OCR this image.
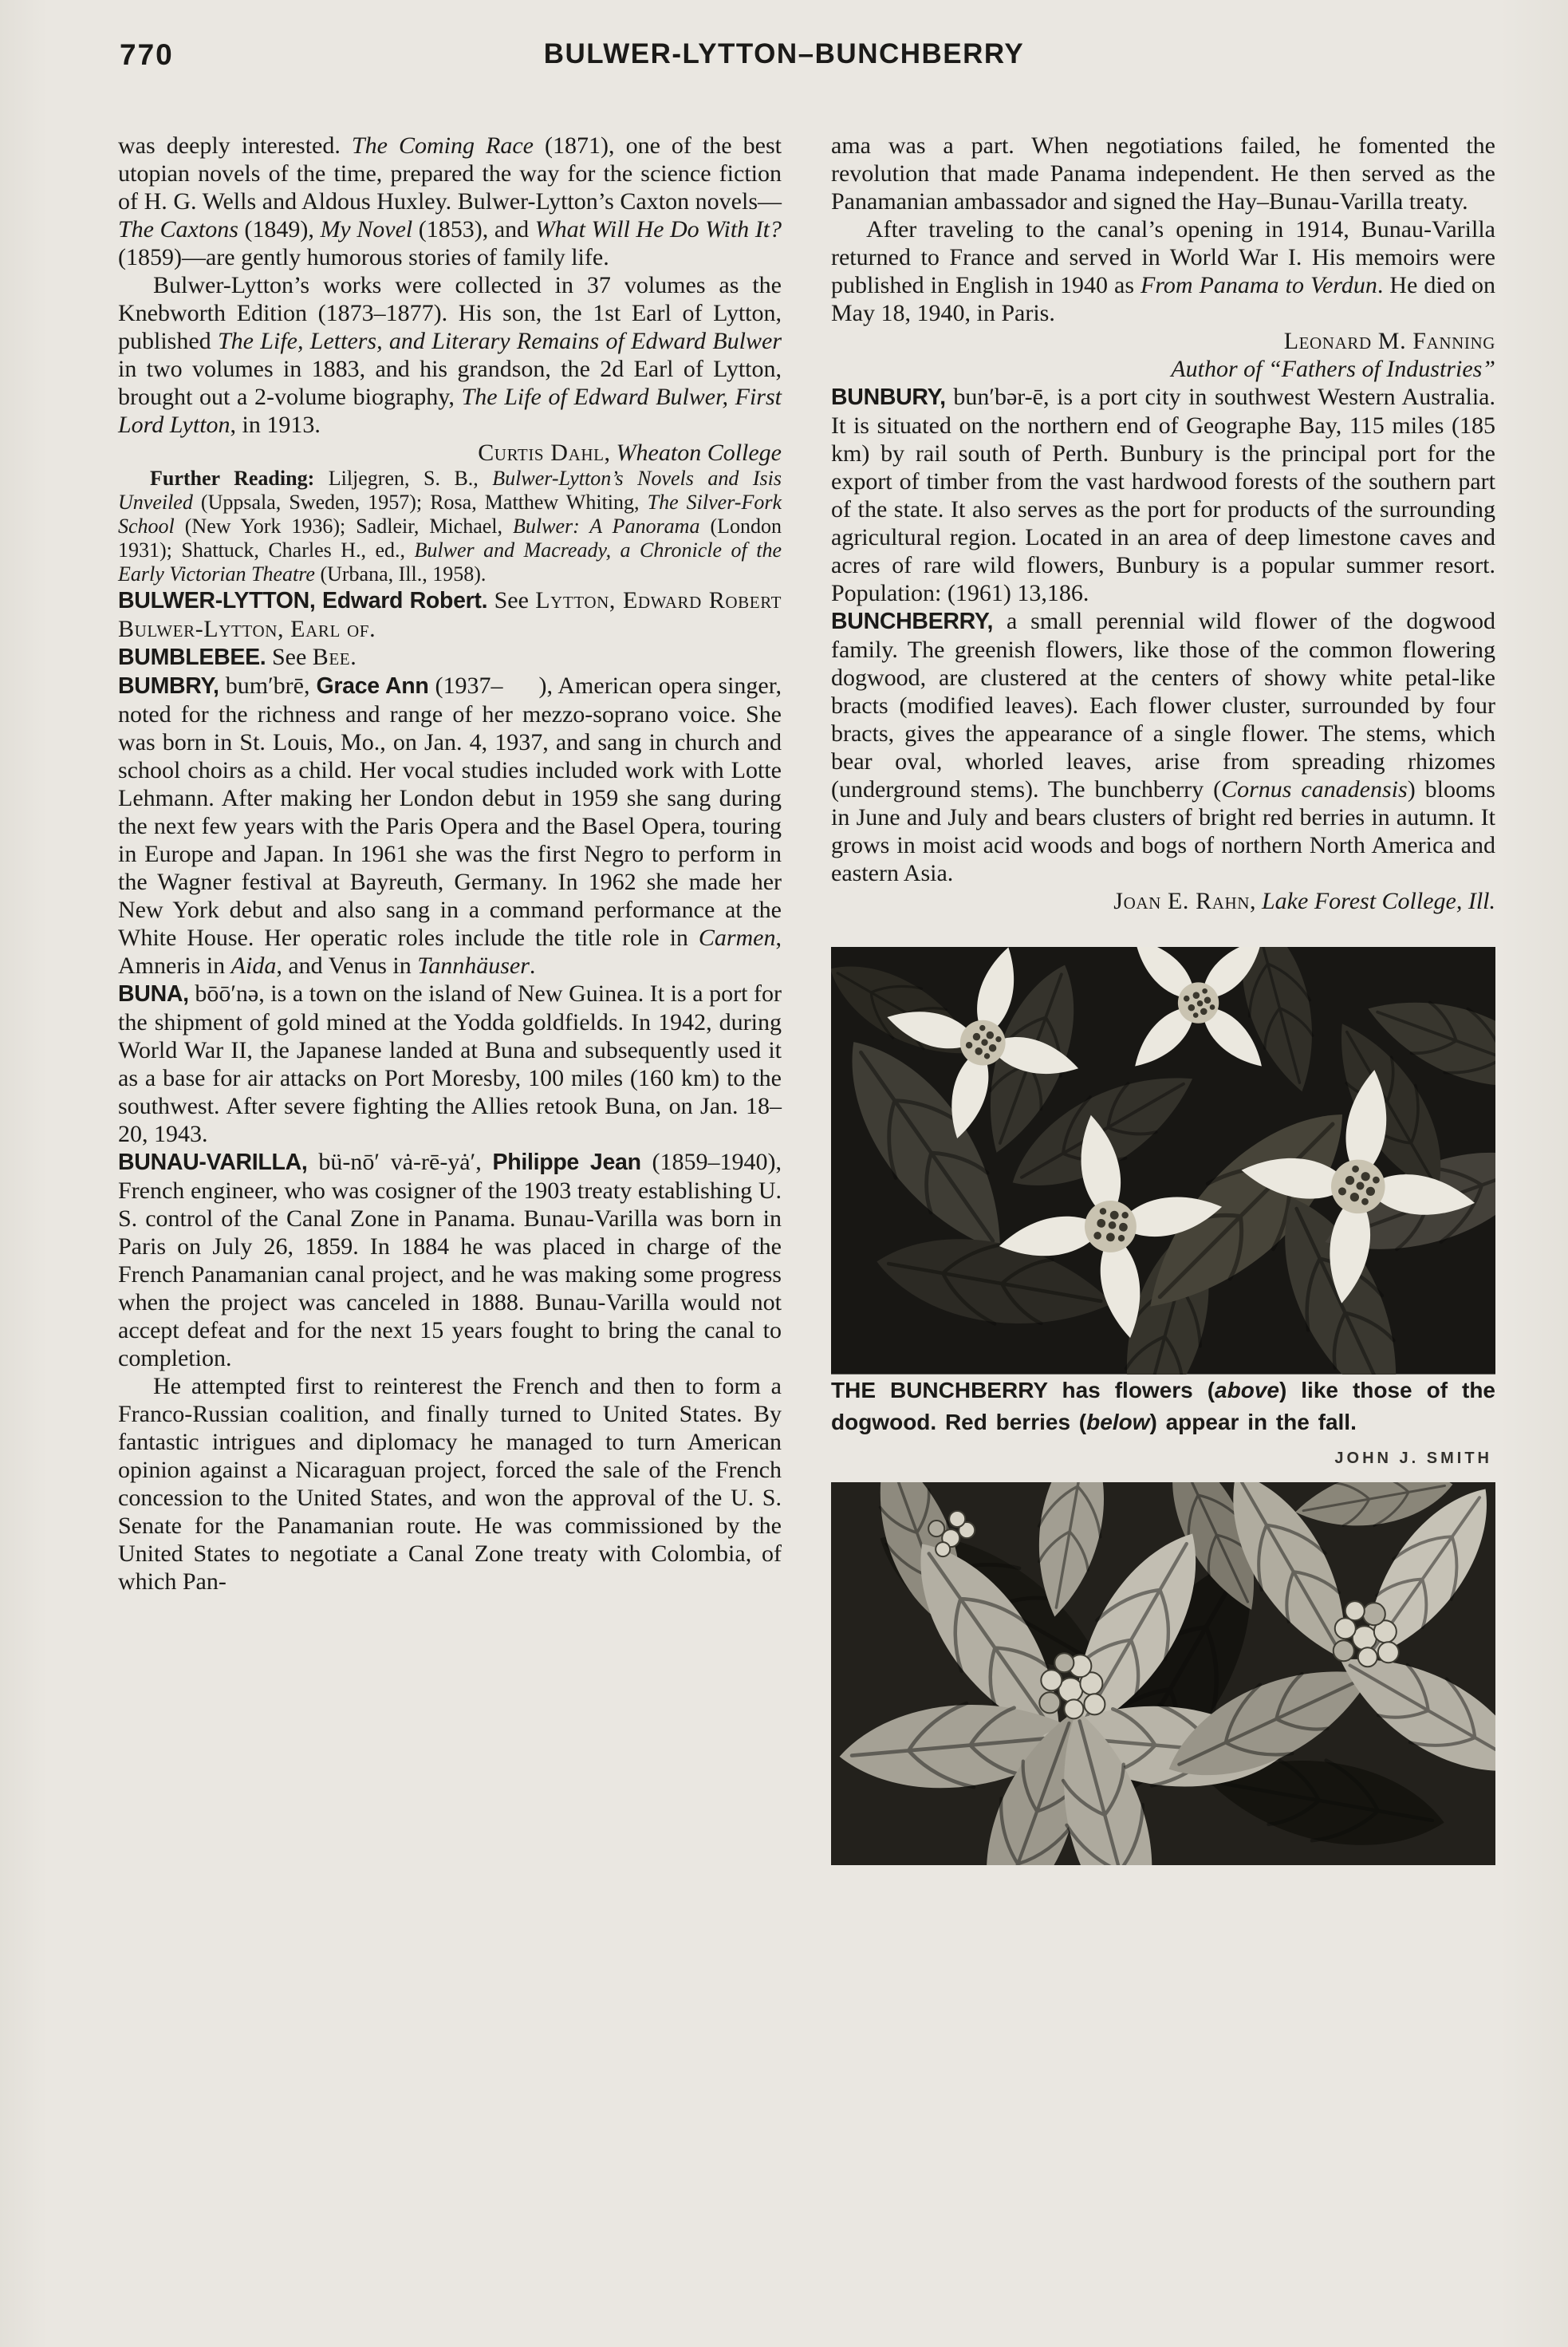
770	BULWER-LYTTON–BUNCHBERRY

was deeply interested. The Coming Race (1871), one of the best utopian novels of the time, prepared the way for the science fiction of H. G. Wells and Aldous Huxley. Bulwer-Lytton’s Caxton novels—The Caxtons (1849), My Novel (1853), and What Will He Do With It? (1859)—are gently humorous stories of family life.

Bulwer-Lytton’s works were collected in 37 volumes as the Knebworth Edition (1873–1877). His son, the 1st Earl of Lytton, published The Life, Letters, and Literary Remains of Edward Bulwer in two volumes in 1883, and his grandson, the 2d Earl of Lytton, brought out a 2-volume biography, The Life of Edward Bulwer, First Lord Lytton, in 1913.

Curtis Dahl, Wheaton College

Further Reading: Liljegren, S. B., Bulwer-Lytton’s Novels and Isis Unveiled (Uppsala, Sweden, 1957); Rosa, Matthew Whiting, The Silver-Fork School (New York 1936); Sadleir, Michael, Bulwer: A Panorama (London 1931); Shattuck, Charles H., ed., Bulwer and Macready, a Chronicle of the Early Victorian Theatre (Urbana, Ill., 1958).

BULWER-LYTTON, Edward Robert. See Lytton, Edward Robert Bulwer-Lytton, Earl of.

BUMBLEBEE. See Bee.

BUMBRY, bum′brē, Grace Ann (1937–   ), American opera singer, noted for the richness and range of her mezzo-soprano voice. She was born in St. Louis, Mo., on Jan. 4, 1937, and sang in church and school choirs as a child. Her vocal studies included work with Lotte Lehmann. After making her London debut in 1959 she sang during the next few years with the Paris Opera and the Basel Opera, touring in Europe and Japan. In 1961 she was the first Negro to perform in the Wagner festival at Bayreuth, Germany. In 1962 she made her New York debut and also sang in a command performance at the White House. Her operatic roles include the title role in Carmen, Amneris in Aida, and Venus in Tannhäuser.

BUNA, bōō′nə, is a town on the island of New Guinea. It is a port for the shipment of gold mined at the Yodda goldfields. In 1942, during World War II, the Japanese landed at Buna and subsequently used it as a base for air attacks on Port Moresby, 100 miles (160 km) to the southwest. After severe fighting the Allies retook Buna, on Jan. 18–20, 1943.

BUNAU-VARILLA, bü-nō′ vȧ-rē-yȧ′, Philippe Jean (1859–1940), French engineer, who was cosigner of the 1903 treaty establishing U. S. control of the Canal Zone in Panama. Bunau-Varilla was born in Paris on July 26, 1859. In 1884 he was placed in charge of the French Panamanian canal project, and he was making some progress when the project was canceled in 1888. Bunau-Varilla would not accept defeat and for the next 15 years fought to bring the canal to completion.

He attempted first to reinterest the French and then to form a Franco-Russian coalition, and finally turned to United States. By fantastic intrigues and diplomacy he managed to turn American opinion against a Nicaraguan project, forced the sale of the French concession to the United States, and won the approval of the U. S. Senate for the Panamanian route. He was commissioned by the United States to negotiate a Canal Zone treaty with Colombia, of which Pan-

ama was a part. When negotiations failed, he fomented the revolution that made Panama independent. He then served as the Panamanian ambassador and signed the Hay–Bunau-Varilla treaty.

After traveling to the canal’s opening in 1914, Bunau-Varilla returned to France and served in World War I. His memoirs were published in English in 1940 as From Panama to Verdun. He died on May 18, 1940, in Paris.

Leonard M. Fanning

Author of “Fathers of Industries”

BUNBURY, bun′bər-ē, is a port city in southwest Western Australia. It is situated on the northern end of Geographe Bay, 115 miles (185 km) by rail south of Perth. Bunbury is the principal port for the export of timber from the vast hardwood forests of the southern part of the state. It also serves as the port for products of the surrounding agricultural region. Located in an area of deep limestone caves and acres of rare wild flowers, Bunbury is a popular summer resort. Population: (1961) 13,186.

BUNCHBERRY, a small perennial wild flower of the dogwood family. The greenish flowers, like those of the common flowering dogwood, are clustered at the centers of showy white petal-like bracts (modified leaves). Each flower cluster, surrounded by four bracts, gives the appearance of a single flower. The stems, which bear oval, whorled leaves, arise from spreading rhizomes (underground stems). The bunchberry (Cornus canadensis) blooms in June and July and bears clusters of bright red berries in autumn. It grows in moist acid woods and bogs of northern North America and eastern Asia.

Joan E. Rahn, Lake Forest College, Ill.

THE BUNCHBERRY has flowers (above) like those of the dogwood. Red berries (below) appear in the fall.

JOHN J. SMITH
